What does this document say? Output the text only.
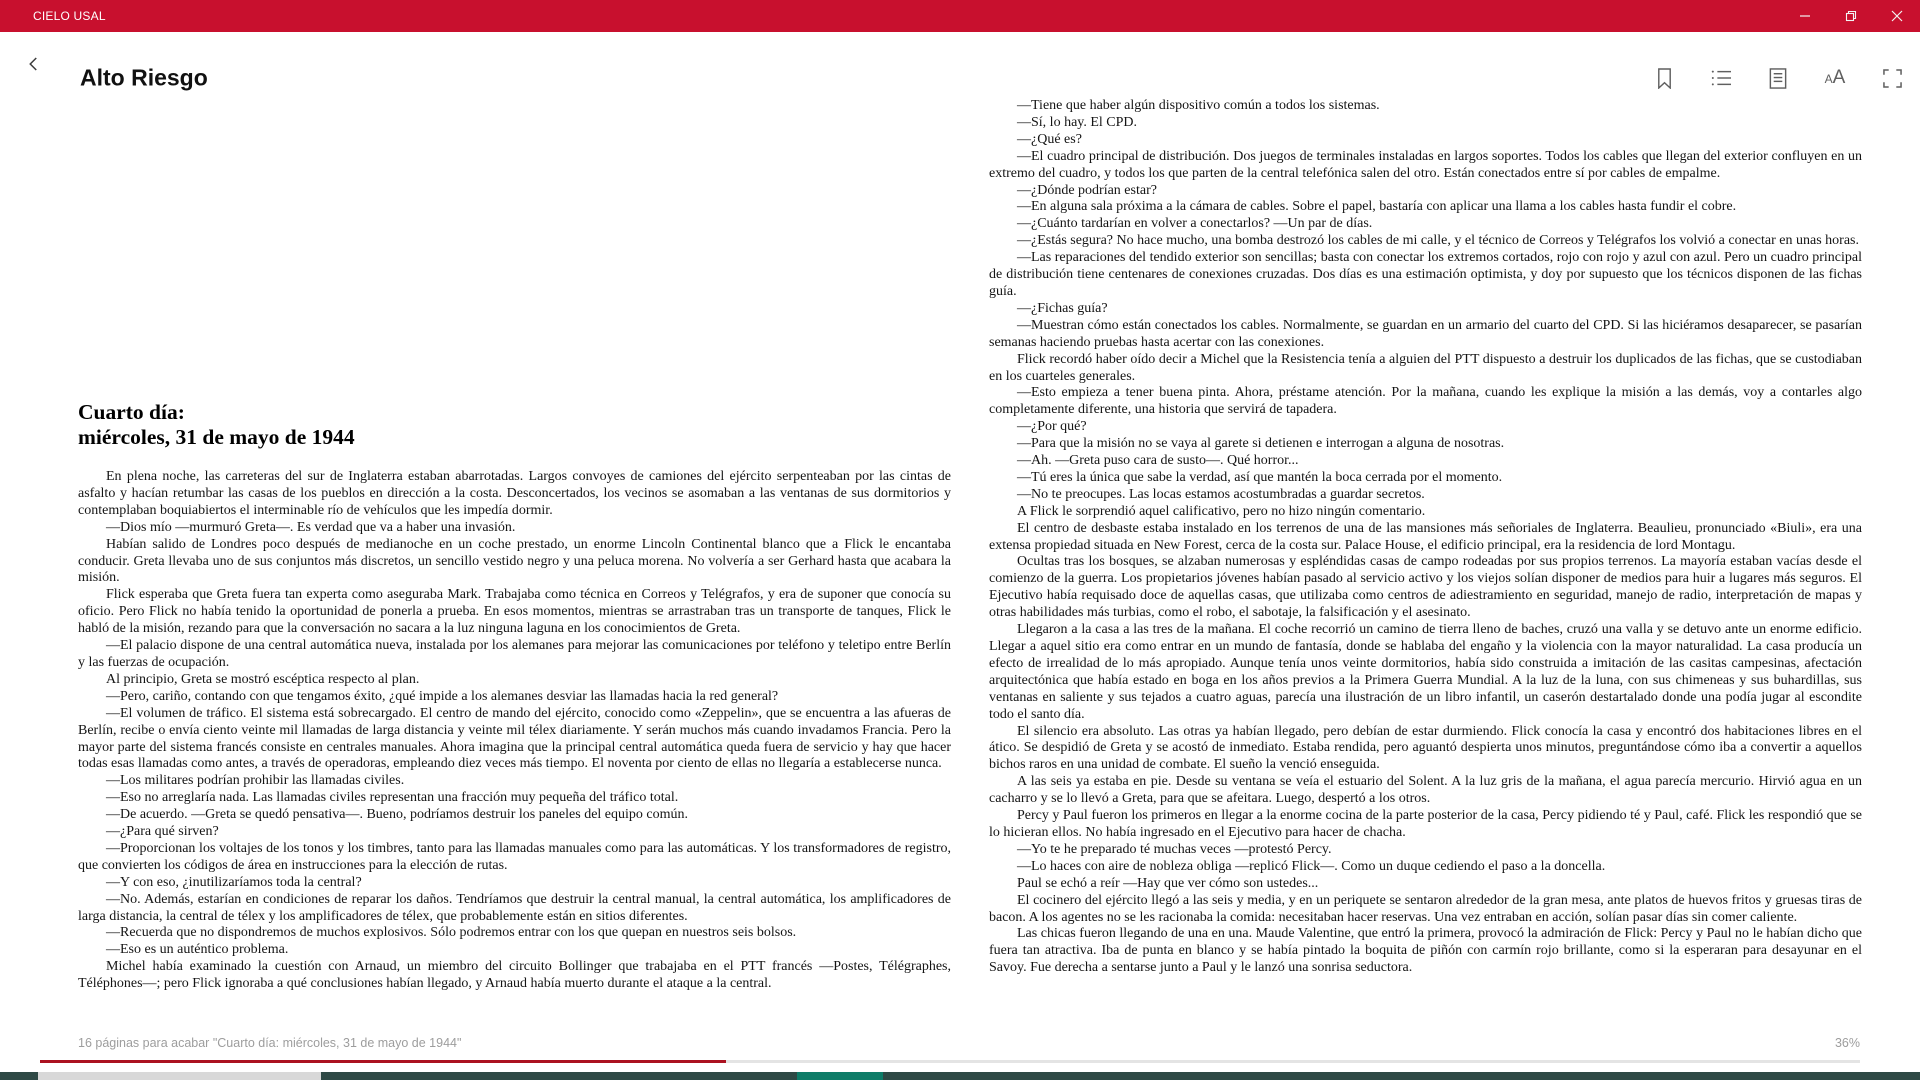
CIELO USAL
Alto Riesgo	A A
Cuarto día:
miércoles, 31 de mayo de 1944

En plena noche, las carreteras del sur de Inglaterra estaban abarrotadas. Largos convoyes de camiones del ejército serpenteaban por las cintas de asfalto y hacían retumbar las casas de los pueblos en dirección a la costa. Desconcertados, los vecinos se asomaban a las ventanas de sus dormitorios y contemplaban boquiabiertos el interminable río de vehículos que les impedía dormir.

—Dios mío —murmuró Greta—. Es verdad que va a haber una invasión.

Habían salido de Londres poco después de medianoche en un coche prestado, un enorme Lincoln Continental blanco que a Flick le encantaba conducir. Greta llevaba uno de sus conjuntos más discretos, un sencillo vestido negro y una peluca morena. No volvería a ser Gerhard hasta que acabara la misión.

Flick esperaba que Greta fuera tan experta como aseguraba Mark. Trabajaba como técnica en Correos y Telégrafos, y era de suponer que conocía su oficio. Pero Flick no había tenido la oportunidad de ponerla a prueba. En esos momentos, mientras se arrastraban tras un transporte de tanques, Flick le habló de la misión, rezando para que la conversación no sacara a la luz ninguna laguna en los conocimientos de Greta.

—El palacio dispone de una central automática nueva, instalada por los alemanes para mejorar las comunicaciones por teléfono y teletipo entre Berlín y las fuerzas de ocupación.

Al principio, Greta se mostró escéptica respecto al plan.

—Pero, cariño, contando con que tengamos éxito, ¿qué impide a los alemanes desviar las llamadas hacia la red general?

—El volumen de tráfico. El sistema está sobrecargado. El centro de mando del ejército, conocido como «Zeppelin», que se encuentra a las afueras de Berlín, recibe o envía ciento veinte mil llamadas de larga distancia y veinte mil télex diariamente. Y serán muchos más cuando invadamos Francia. Pero la mayor parte del sistema francés consiste en centrales manuales. Ahora imagina que la principal central automática queda fuera de servicio y hay que hacer todas esas llamadas como antes, a través de operadoras, empleando diez veces más tiempo. El noventa por ciento de ellas no llegaría a establecerse nunca.

—Los militares podrían prohibir las llamadas civiles.

—Eso no arreglaría nada. Las llamadas civiles representan una fracción muy pequeña del tráfico total.

—De acuerdo. —Greta se quedó pensativa—. Bueno, podríamos destruir los paneles del equipo común.

—¿Para qué sirven?

—Proporcionan los voltajes de los tonos y los timbres, tanto para las llamadas manuales como para las automáticas. Y los transformadores de registro, que convierten los códigos de área en instrucciones para la elección de rutas.

—Y con eso, ¿inutilizaríamos toda la central?

—No. Además, estarían en condiciones de reparar los daños. Tendríamos que destruir la central manual, la central automática, los amplificadores de larga distancia, la central de télex y los amplificadores de télex, que probablemente están en sitios diferentes.

—Recuerda que no dispondremos de muchos explosivos. Sólo podremos entrar con los que quepan en nuestros seis bolsos.

—Eso es un auténtico problema.

Michel había examinado la cuestión con Arnaud, un miembro del circuito Bollinger que trabajaba en el PTT francés —Postes, Télégraphes, Téléphones—; pero Flick ignoraba a qué conclusiones habían llegado, y Arnaud había muerto durante el ataque a la central.

—Tiene que haber algún dispositivo común a todos los sistemas.

—Sí, lo hay. El CPD.

—¿Qué es?

—El cuadro principal de distribución. Dos juegos de terminales instaladas en largos soportes. Todos los cables que llegan del exterior confluyen en un extremo del cuadro, y todos los que parten de la central telefónica salen del otro. Están conectados entre sí por cables de empalme.

—¿Dónde podrían estar?

—En alguna sala próxima a la cámara de cables. Sobre el papel, bastaría con aplicar una llama a los cables hasta fundir el cobre.

—¿Cuánto tardarían en volver a conectarlos? —Un par de días.

—¿Estás segura? No hace mucho, una bomba destrozó los cables de mi calle, y el técnico de Correos y Telégrafos los volvió a conectar en unas horas.

—Las reparaciones del tendido exterior son sencillas; basta con conectar los extremos cortados, rojo con rojo y azul con azul. Pero un cuadro principal de distribución tiene centenares de conexiones cruzadas. Dos días es una estimación optimista, y doy por supuesto que los técnicos disponen de las fichas guía.

—¿Fichas guía?

—Muestran cómo están conectados los cables. Normalmente, se guardan en un armario del cuarto del CPD. Si las hiciéramos desaparecer, se pasarían semanas haciendo pruebas hasta acertar con las conexiones.

Flick recordó haber oído decir a Michel que la Resistencia tenía a alguien del PTT dispuesto a destruir los duplicados de las fichas, que se custodiaban en los cuarteles generales.

—Esto empieza a tener buena pinta. Ahora, préstame atención. Por la mañana, cuando les explique la misión a las demás, voy a contarles algo completamente diferente, una historia que servirá de tapadera.

—¿Por qué?

—Para que la misión no se vaya al garete si detienen e interrogan a alguna de nosotras.

—Ah. —Greta puso cara de susto—. Qué horror...

—Tú eres la única que sabe la verdad, así que mantén la boca cerrada por el momento.

—No te preocupes. Las locas estamos acostumbradas a guardar secretos.

A Flick le sorprendió aquel calificativo, pero no hizo ningún comentario.

El centro de desbaste estaba instalado en los terrenos de una de las mansiones más señoriales de Inglaterra. Beaulieu, pronunciado «Biuli», era una extensa propiedad situada en New Forest, cerca de la costa sur. Palace House, el edificio principal, era la residencia de lord Montagu.

Ocultas tras los bosques, se alzaban numerosas y espléndidas casas de campo rodeadas por sus propios terrenos. La mayoría estaban vacías desde el comienzo de la guerra. Los propietarios jóvenes habían pasado al servicio activo y los viejos solían disponer de medios para huir a lugares más seguros. El Ejecutivo había requisado doce de aquellas casas, que utilizaba como centros de adiestramiento en seguridad, manejo de radio, interpretación de mapas y otras habilidades más turbias, como el robo, el sabotaje, la falsificación y el asesinato.

Llegaron a la casa a las tres de la mañana. El coche recorrió un camino de tierra lleno de baches, cruzó una valla y se detuvo ante un enorme edificio. Llegar a aquel sitio era como entrar en un mundo de fantasía, donde se hablaba del engaño y la violencia con la mayor naturalidad. La casa producía un efecto de irrealidad de lo más apropiado. Aunque tenía unos veinte dormitorios, había sido construida a imitación de las casitas campesinas, afectación arquitectónica que había estado en boga en los años previos a la Primera Guerra Mundial. A la luz de la luna, con sus chimeneas y sus buhardillas, sus ventanas en saliente y sus tejados a cuatro aguas, parecía una ilustración de un libro infantil, un caserón destartalado donde una podía jugar al escondite todo el santo día.

El silencio era absoluto. Las otras ya habían llegado, pero debían de estar durmiendo. Flick conocía la casa y encontró dos habitaciones libres en el ático. Se despidió de Greta y se acostó de inmediato. Estaba rendida, pero aguantó despierta unos minutos, preguntándose cómo iba a convertir a aquellos bichos raros en una unidad de combate. El sueño la venció enseguida.

A las seis ya estaba en pie. Desde su ventana se veía el estuario del Solent. A la luz gris de la mañana, el agua parecía mercurio. Hirvió agua en un cacharro y se lo llevó a Greta, para que se afeitara. Luego, despertó a los otros.

Percy y Paul fueron los primeros en llegar a la enorme cocina de la parte posterior de la casa, Percy pidiendo té y Paul, café. Flick les respondió que se lo hicieran ellos. No había ingresado en el Ejecutivo para hacer de chacha.

—Yo te he preparado té muchas veces —protestó Percy.

—Lo haces con aire de nobleza obliga —replicó Flick—. Como un duque cediendo el paso a la doncella.

Paul se echó a reír —Hay que ver cómo son ustedes...

El cocinero del ejército llegó a las seis y media, y en un periquete se sentaron alrededor de la gran mesa, ante platos de huevos fritos y gruesas tiras de bacon. A los agentes no se les racionaba la comida: necesitaban hacer reservas. Una vez entraban en acción, solían pasar días sin comer caliente.

Las chicas fueron llegando de una en una. Maude Valentine, que entró la primera, provocó la admiración de Flick: Percy y Paul no le habían dicho que fuera tan atractiva. Iba de punta en blanco y se había pintado la boquita de piñón con carmín rojo brillante, como si la esperaran para desayunar en el Savoy. Fue derecha a sentarse junto a Paul y le lanzó una sonrisa seductora.

16 páginas para acabar "Cuarto día: miércoles, 31 de mayo de 1944"	36%
